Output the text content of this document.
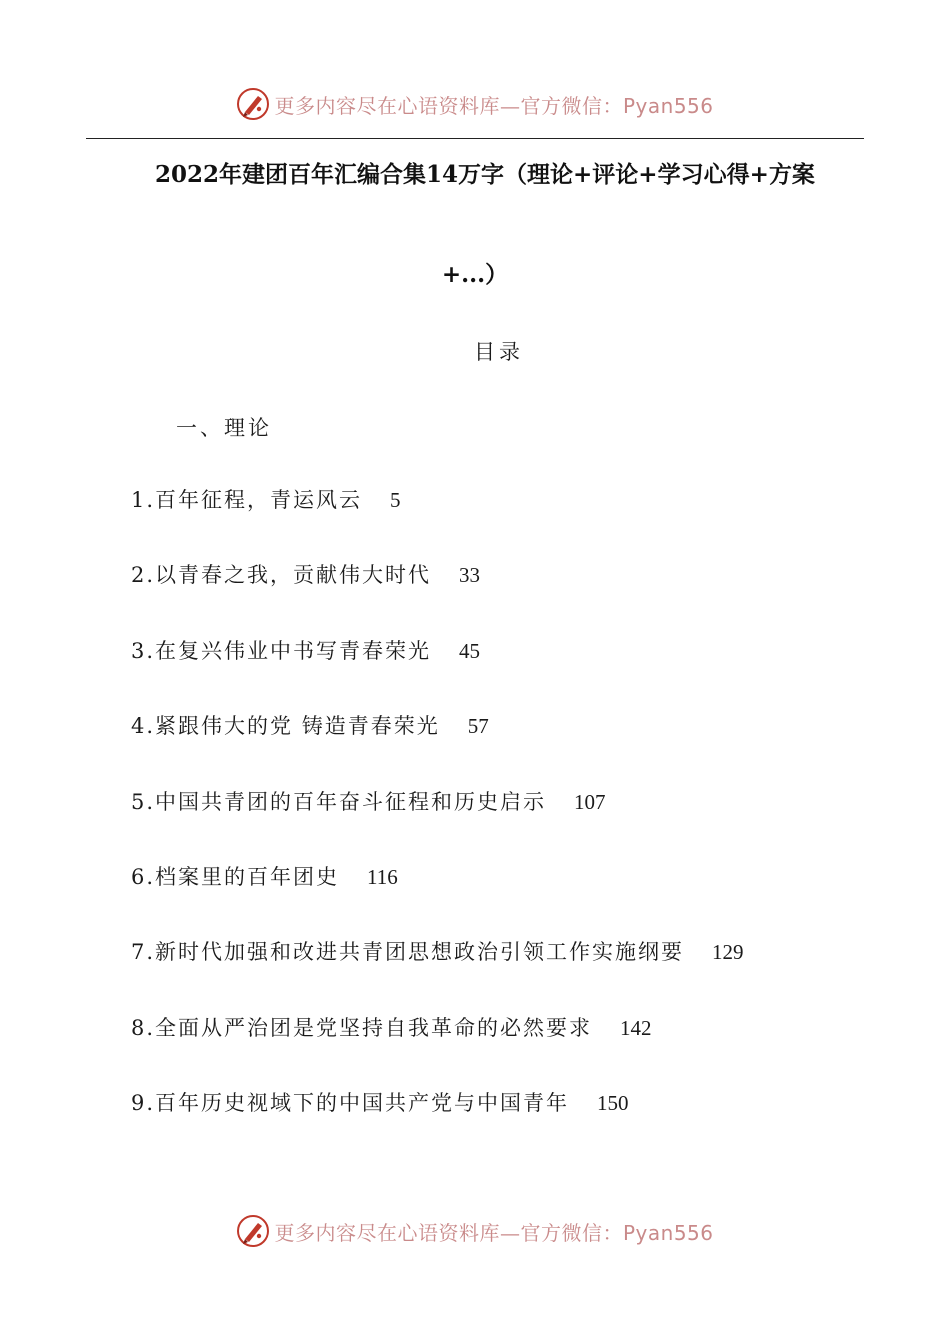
更多内容尽在心语资料库—官方微信：Pyan556
2022年建团百年汇编合集14万字（理论+评论+学习心得+方案
+...）
目录
一、理论
1.百年征程，青运风云 5
2.以青春之我，贡献伟大时代 33
3.在复兴伟业中书写青春荣光 45
4.紧跟伟大的党 铸造青春荣光 57
5.中国共青团的百年奋斗征程和历史启示 107
6.档案里的百年团史 116
7.新时代加强和改进共青团思想政治引领工作实施纲要 129
8.全面从严治团是党坚持自我革命的必然要求 142
9.百年历史视域下的中国共产党与中国青年 150
更多内容尽在心语资料库—官方微信：Pyan556
